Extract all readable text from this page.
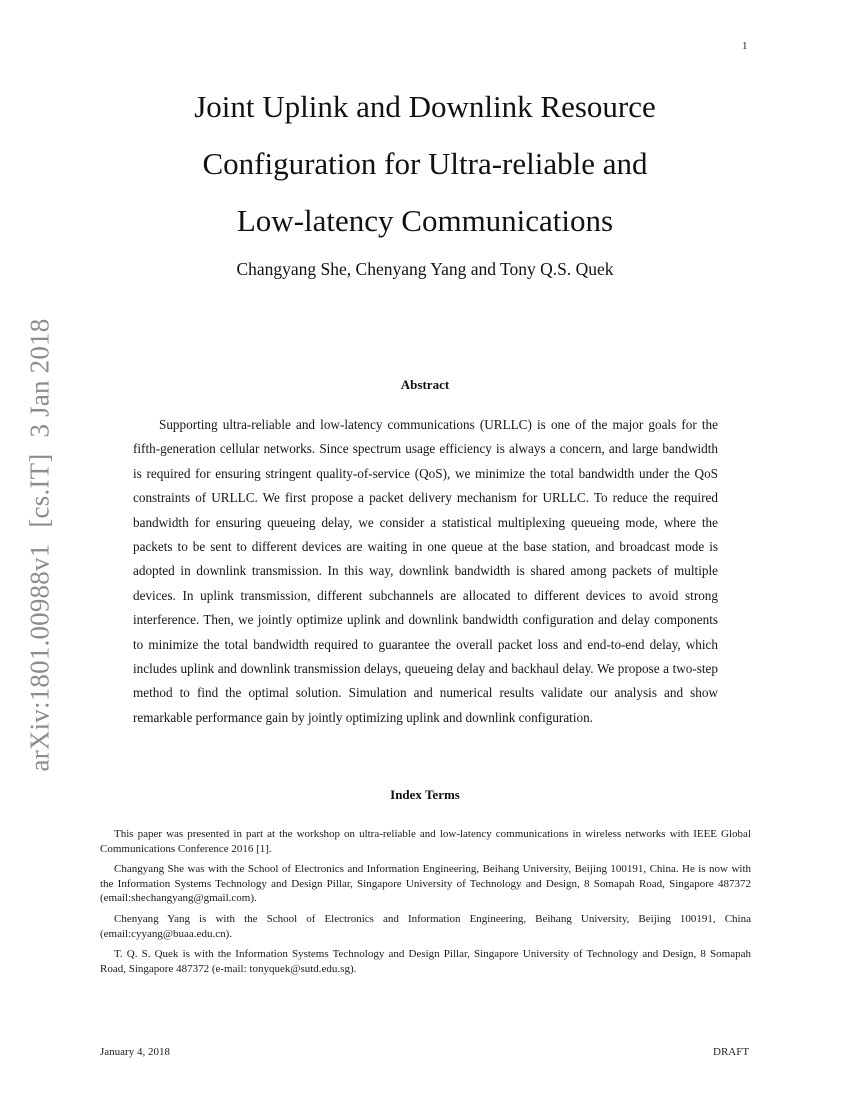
1
Joint Uplink and Downlink Resource
Configuration for Ultra-reliable and
Low-latency Communications
Changyang She, Chenyang Yang and Tony Q.S. Quek
arXiv:1801.00988v1[cs.IT]3 Jan 2018	Abstract

Supporting ultra-reliable and low-latency communications (URLLC) is one of the major goals for the fifth-generation cellular networks. Since spectrum usage efficiency is always a concern, and large bandwidth is required for ensuring stringent quality-of-service (QoS), we minimize the total bandwidth under the QoS constraints of URLLC. We first propose a packet delivery mechanism for URLLC. To reduce the required bandwidth for ensuring queueing delay, we consider a statistical multiplexing queueing mode, where the packets to be sent to different devices are waiting in one queue at the base station, and broadcast mode is adopted in downlink transmission. In this way, downlink bandwidth is shared among packets of multiple devices. In uplink transmission, different subchannels are allocated to different devices to avoid strong interference. Then, we jointly optimize uplink and downlink bandwidth configuration and delay components to minimize the total bandwidth required to guarantee the overall packet loss and end-to-end delay, which includes uplink and downlink transmission delays, queueing delay and backhaul delay. We propose a two-step method to find the optimal solution. Simulation and numerical results validate our analysis and show remarkable performance gain by jointly optimizing uplink and downlink configuration.

Index Terms

This paper was presented in part at the workshop on ultra-reliable and low-latency communications in wireless networks with IEEE Global Communications Conference 2016 [1].

Changyang She was with the School of Electronics and Information Engineering, Beihang University, Beijing 100191, China. He is now with the Information Systems Technology and Design Pillar, Singapore University of Technology and Design, 8 Somapah Road, Singapore 487372 (email:shechangyang@gmail.com).

Chenyang Yang is with the School of Electronics and Information Engineering, Beihang University, Beijing 100191, China (email:cyyang@buaa.edu.cn).

T. Q. S. Quek is with the Information Systems Technology and Design Pillar, Singapore University of Technology and Design, 8 Somapah Road, Singapore 487372 (e-mail: tonyquek@sutd.edu.sg).

January 4, 2018	DRAFT
